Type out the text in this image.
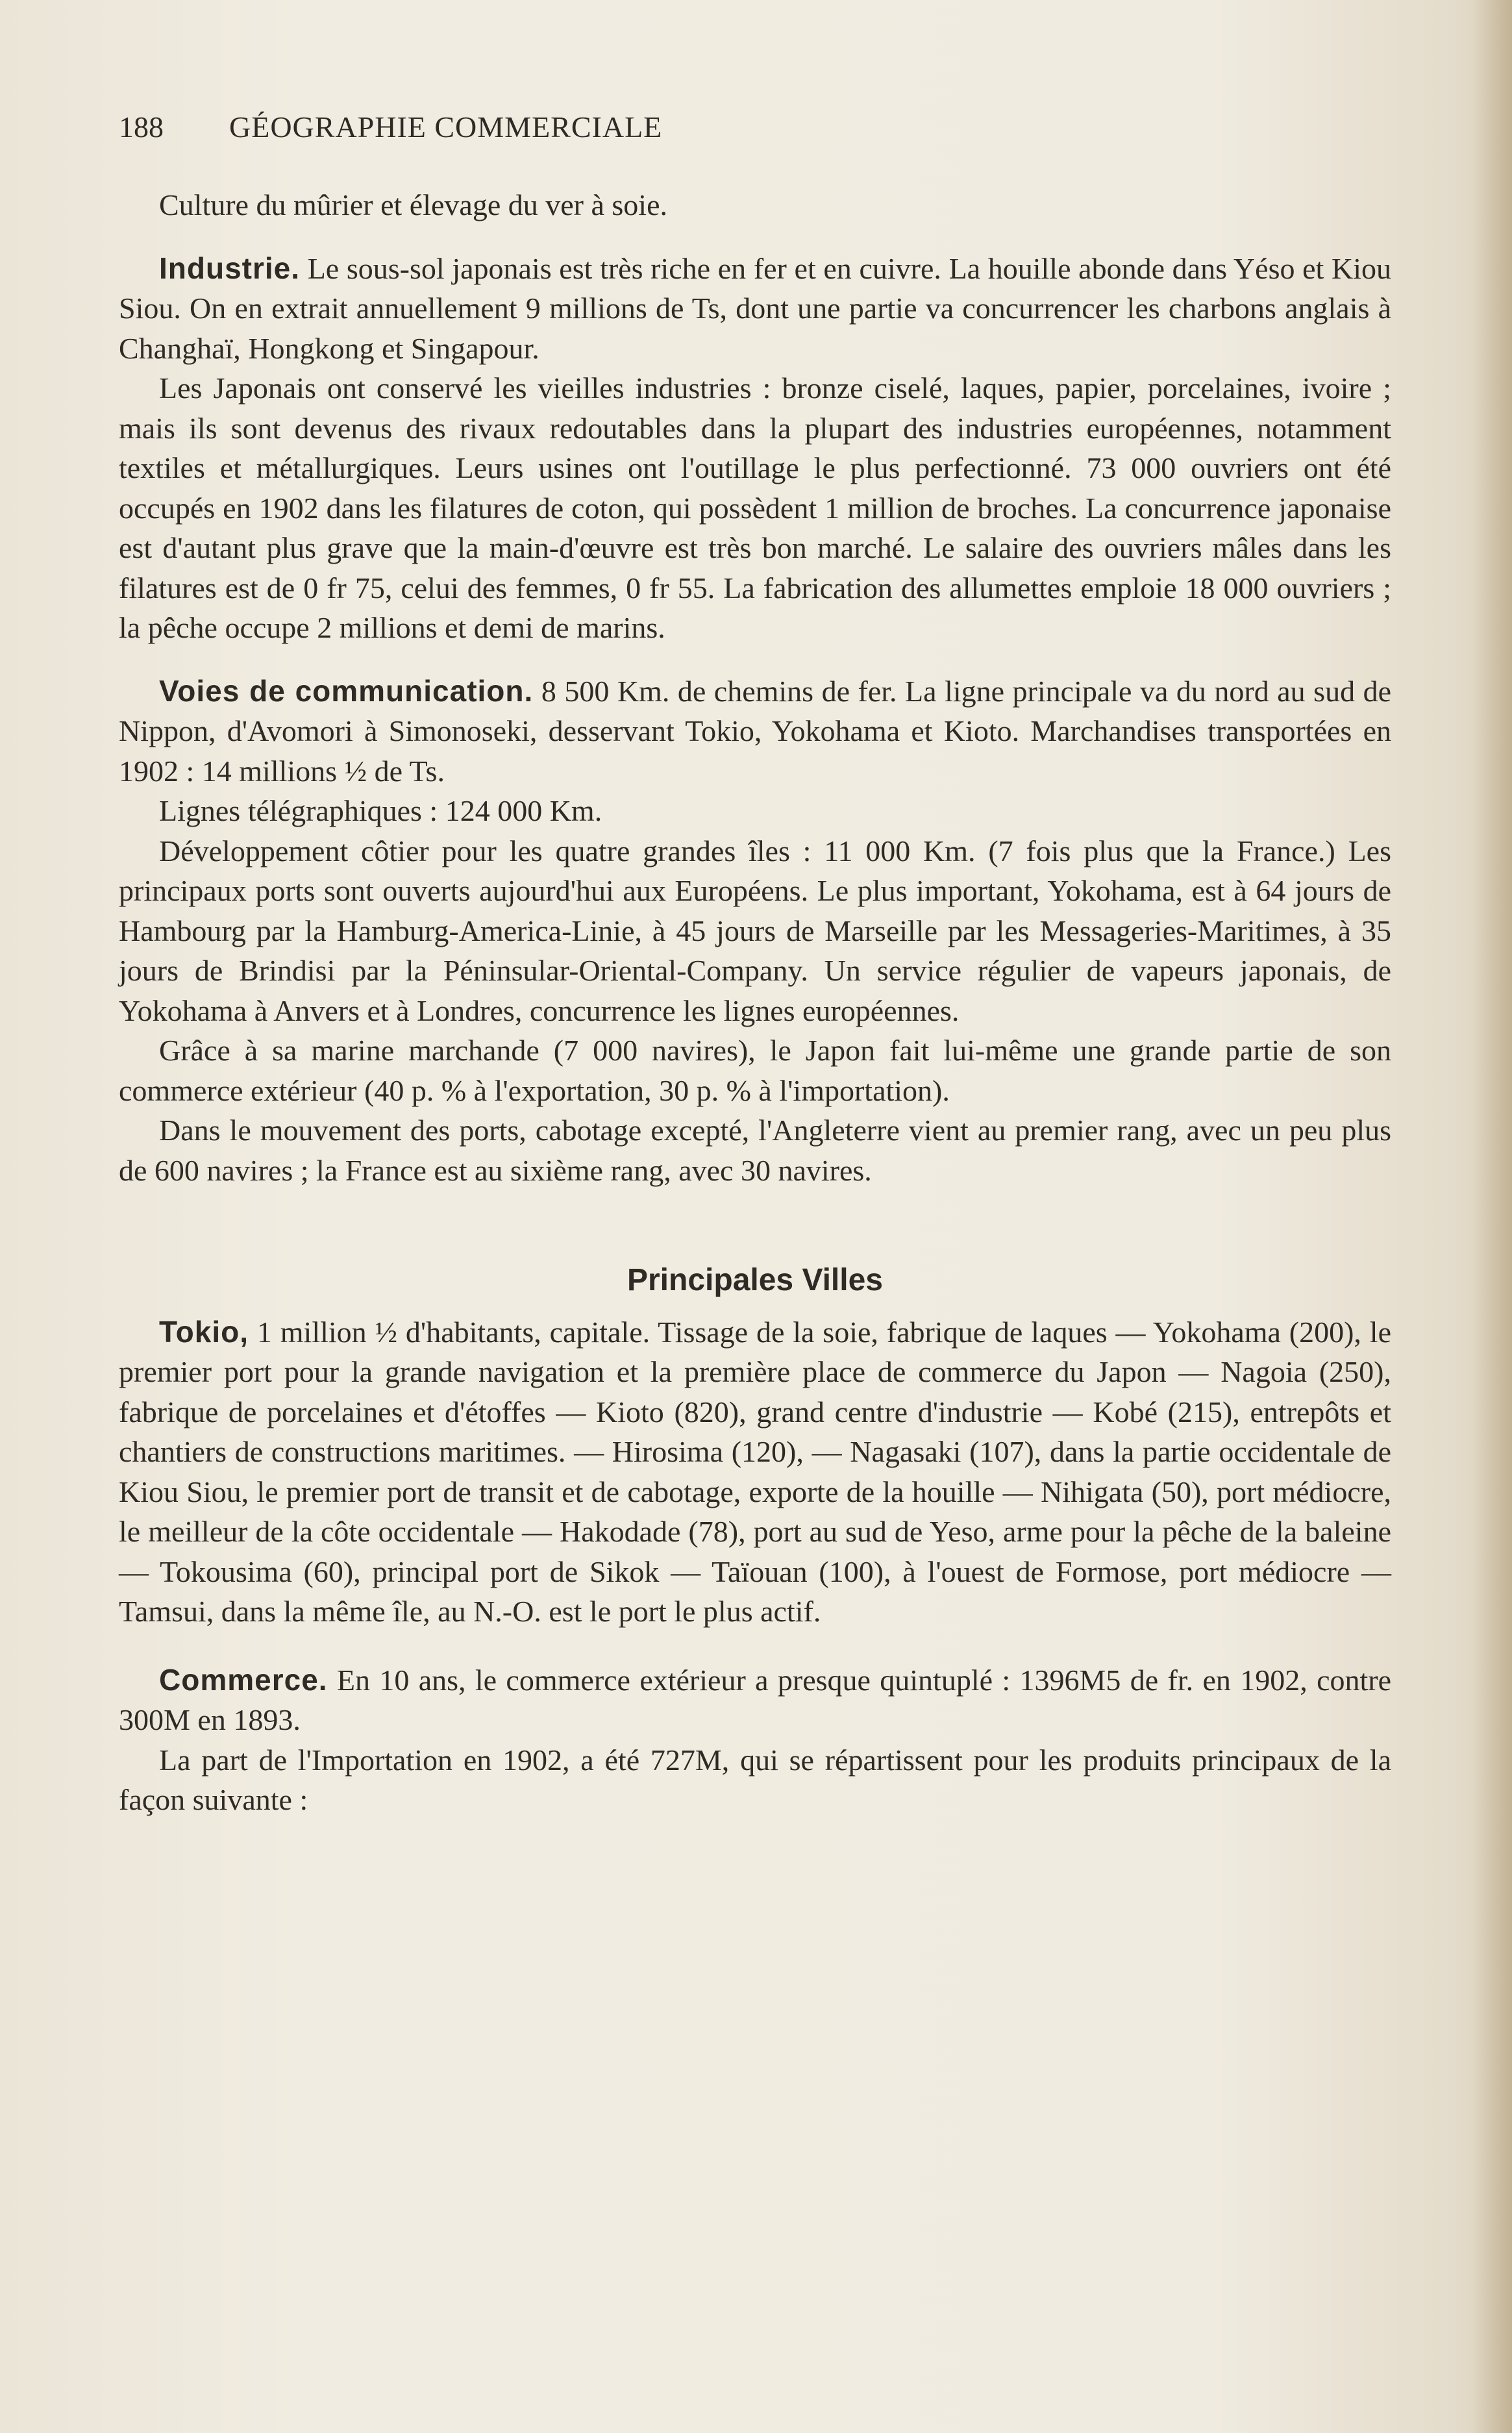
188	GÉOGRAPHIE COMMERCIALE

Culture du mûrier et élevage du ver à soie.

Industrie. Le sous-sol japonais est très riche en fer et en cuivre. La houille abonde dans Yéso et Kiou Siou. On en extrait annuellement 9 millions de Ts, dont une partie va concurrencer les charbons anglais à Changhaï, Hongkong et Singapour.

Les Japonais ont conservé les vieilles industries : bronze ciselé, laques, papier, porcelaines, ivoire ; mais ils sont devenus des rivaux redoutables dans la plupart des industries européennes, notamment textiles et métallurgiques. Leurs usines ont l'outillage le plus perfectionné. 73 000 ouvriers ont été occupés en 1902 dans les filatures de coton, qui possèdent 1 million de broches. La concurrence japonaise est d'autant plus grave que la main-d'œuvre est très bon marché. Le salaire des ouvriers mâles dans les filatures est de 0 fr 75, celui des femmes, 0 fr 55. La fabrication des allumettes emploie 18 000 ouvriers ; la pêche occupe 2 millions et demi de marins.

Voies de communication. 8 500 Km. de chemins de fer. La ligne principale va du nord au sud de Nippon, d'Avomori à Simonoseki, desservant Tokio, Yokohama et Kioto. Marchandises transportées en 1902 : 14 millions ½ de Ts.

Lignes télégraphiques : 124 000 Km.

Développement côtier pour les quatre grandes îles : 11 000 Km. (7 fois plus que la France.) Les principaux ports sont ouverts aujourd'hui aux Européens. Le plus important, Yokohama, est à 64 jours de Hambourg par la Hamburg-America-Linie, à 45 jours de Marseille par les Messageries-Maritimes, à 35 jours de Brindisi par la Péninsular-Oriental-Company. Un service régulier de vapeurs japonais, de Yokohama à Anvers et à Londres, concurrence les lignes européennes.

Grâce à sa marine marchande (7 000 navires), le Japon fait lui-même une grande partie de son commerce extérieur (40 p. % à l'exportation, 30 p. % à l'importation).

Dans le mouvement des ports, cabotage excepté, l'Angleterre vient au premier rang, avec un peu plus de 600 navires ; la France est au sixième rang, avec 30 navires.

Principales Villes

Tokio, 1 million ½ d'habitants, capitale. Tissage de la soie, fabrique de laques — Yokohama (200), le premier port pour la grande navigation et la première place de commerce du Japon — Nagoia (250), fabrique de porcelaines et d'étoffes — Kioto (820), grand centre d'industrie — Kobé (215), entrepôts et chantiers de constructions maritimes. — Hirosima (120), — Nagasaki (107), dans la partie occidentale de Kiou Siou, le premier port de transit et de cabotage, exporte de la houille — Nihigata (50), port médiocre, le meilleur de la côte occidentale — Hakodade (78), port au sud de Yeso, arme pour la pêche de la baleine — Tokousima (60), principal port de Sikok — Taïouan (100), à l'ouest de Formose, port médiocre — Tamsui, dans la même île, au N.-O. est le port le plus actif.

Commerce. En 10 ans, le commerce extérieur a presque quintuplé : 1396M5 de fr. en 1902, contre 300M en 1893.

La part de l'Importation en 1902, a été 727M, qui se répartissent pour les produits principaux de la façon suivante :
